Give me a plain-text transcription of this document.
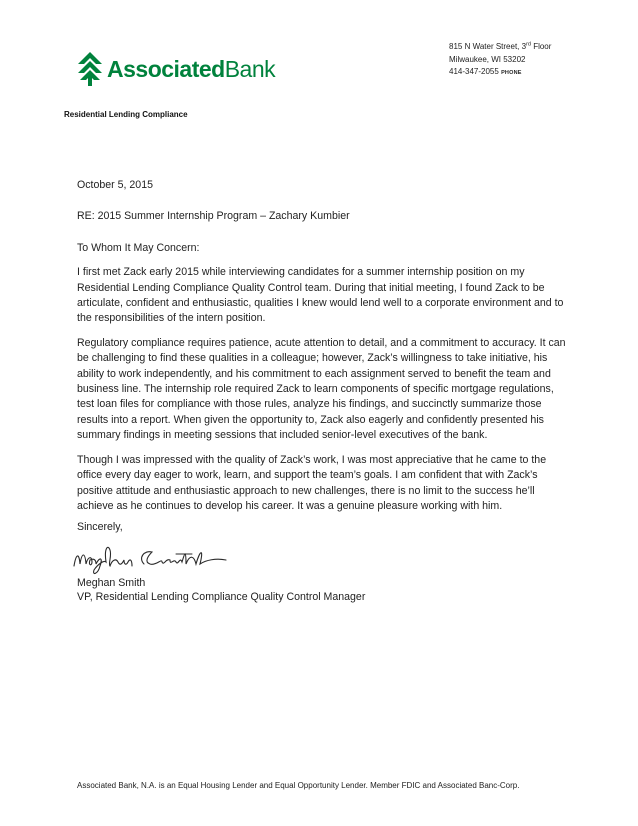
AssociatedBank
815 N Water Street, 3rd Floor
Milwaukee, WI 53202
414-347-2055 PHONE
Residential Lending Compliance

October 5, 2015

RE: 2015 Summer Internship Program – Zachary Kumbier

To Whom It May Concern:

I first met Zack early 2015 while interviewing candidates for a summer internship position on my Residential Lending Compliance Quality Control team. During that initial meeting, I found Zack to be articulate, confident and enthusiastic, qualities I knew would lend well to a corporate environment and to the responsibilities of the intern position.

Regulatory compliance requires patience, acute attention to detail, and a commitment to accuracy. It can be challenging to find these qualities in a colleague; however, Zack’s willingness to take initiative, his ability to work independently, and his commitment to each assignment served to benefit the team and business line. The internship role required Zack to learn components of specific mortgage regulations, test loan files for compliance with those rules, analyze his findings, and succinctly summarize those results into a report. When given the opportunity to, Zack also eagerly and confidently presented his summary findings in meeting sessions that included senior-level executives of the bank.

Though I was impressed with the quality of Zack’s work, I was most appreciative that he came to the office every day eager to work, learn, and support the team’s goals. I am confident that with Zack’s positive attitude and enthusiastic approach to new challenges, there is no limit to the success he’ll achieve as he continues to develop his career. It was a genuine pleasure working with him.

Sincerely,
Meghan Smith
VP, Residential Lending Compliance Quality Control Manager
Associated Bank, N.A. is an Equal Housing Lender and Equal Opportunity Lender. Member FDIC and Associated Banc-Corp.
